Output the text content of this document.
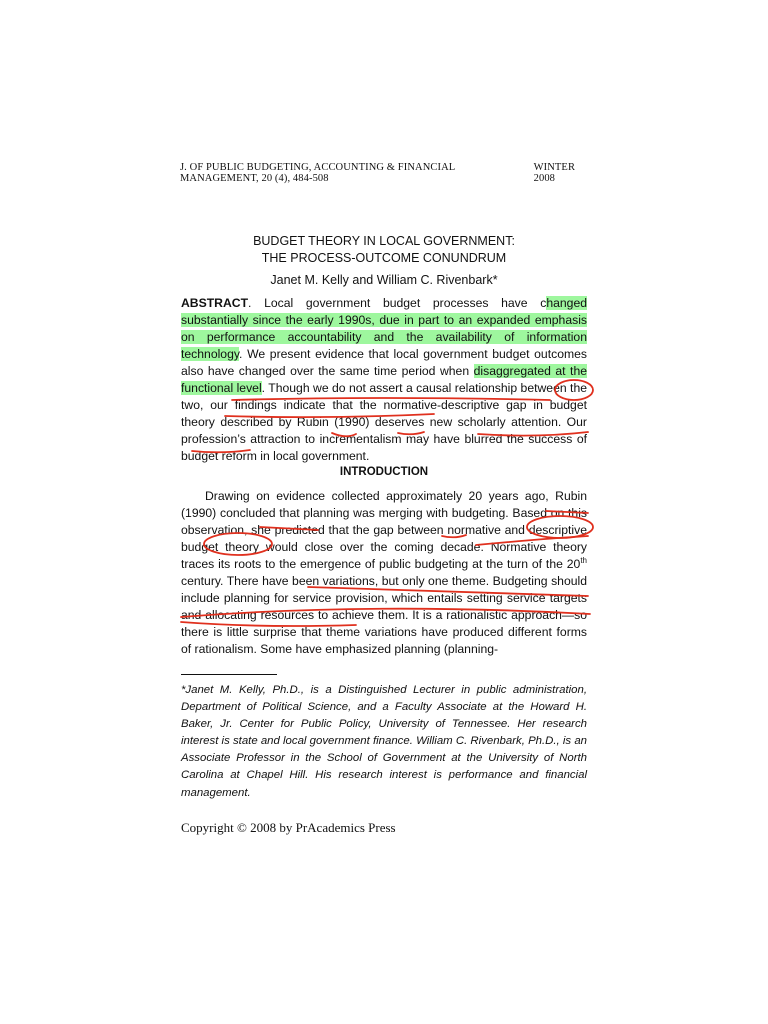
J. OF PUBLIC BUDGETING, ACCOUNTING & FINANCIAL MANAGEMENT, 20 (4), 484-508
WINTER 2008
BUDGET THEORY IN LOCAL GOVERNMENT:
THE PROCESS-OUTCOME CONUNDRUM
Janet M. Kelly and William C. Rivenbark*

ABSTRACT. Local government budget processes have changed substantially since the early 1990s, due in part to an expanded emphasis on performance accountability and the availability of information technology. We present evidence that local government budget outcomes also have changed over the same time period when disaggregated at the functional level. Though we do not assert a causal relationship between the two, our findings indicate that the normative-descriptive gap in budget theory described by Rubin (1990) deserves new scholarly attention. Our profession’s attraction to incrementalism may have blurred the success of budget reform in local government.

INTRODUCTION

Drawing on evidence collected approximately 20 years ago, Rubin (1990) concluded that planning was merging with budgeting. Based on this observation, she predicted that the gap between normative and descriptive budget theory would close over the coming decade. Normative theory traces its roots to the emergence of public budgeting at the turn of the 20th century. There have been variations, but only one theme. Budgeting should include planning for service provision, which entails setting service targets and allocating resources to achieve them. It is a rationalistic approach—so there is little surprise that theme variations have produced different forms of rationalism. Some have emphasized planning (planning-

*Janet M. Kelly, Ph.D., is a Distinguished Lecturer in public administration, Department of Political Science, and a Faculty Associate at the Howard H. Baker, Jr. Center for Public Policy, University of Tennessee. Her research interest is state and local government finance. William C. Rivenbark, Ph.D., is an Associate Professor in the School of Government at the University of North Carolina at Chapel Hill. His research interest is performance and financial management.

Copyright © 2008 by PrAcademics Press
